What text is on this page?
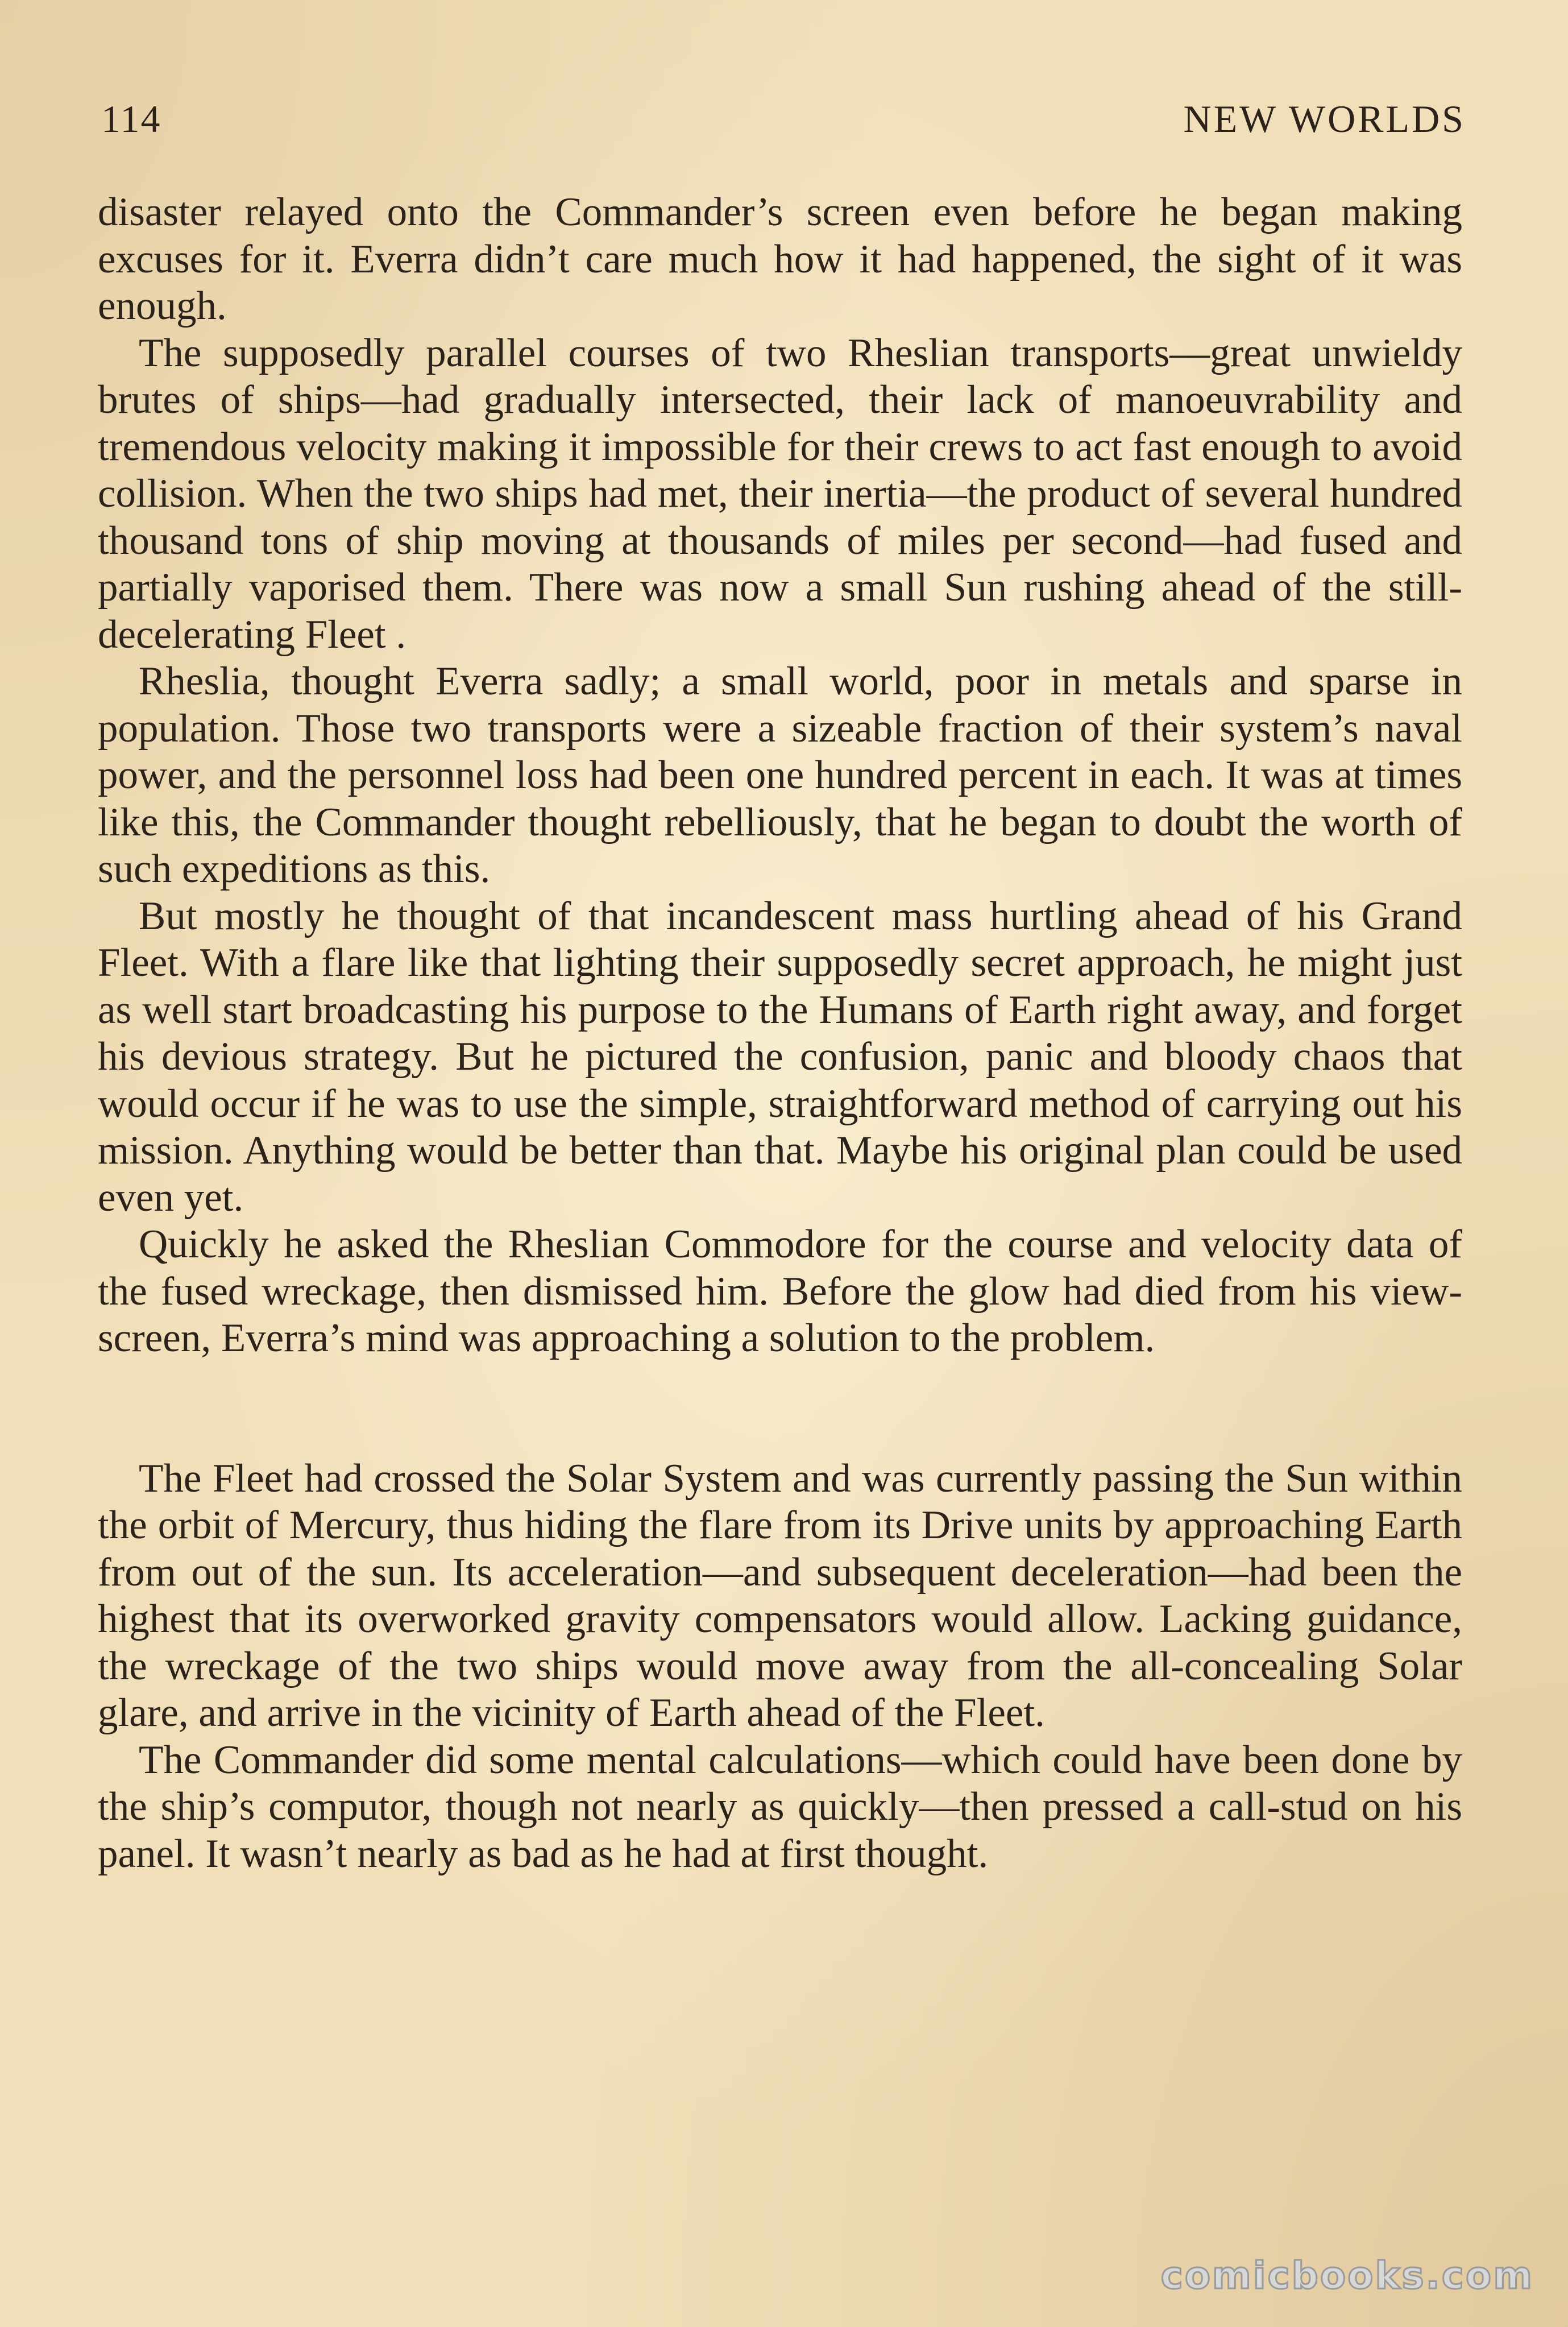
114	NEW WORLDS

disaster relayed onto the Commander’s screen even before he began making excuses for it. Everra didn’t care much how it had happened, the sight of it was enough.

The supposedly parallel courses of two Rheslian transports—great unwieldy brutes of ships—had gradually intersected, their lack of manoeuvrability and tremendous velocity making it impossible for their crews to act fast enough to avoid collision. When the two ships had met, their inertia—the product of several hundred thousand tons of ship moving at thousands of miles per second—had fused and partially vaporised them. There was now a small Sun rushing ahead of the still-decelerating Fleet .

Rheslia, thought Everra sadly; a small world, poor in metals and sparse in population. Those two transports were a sizeable fraction of their system’s naval power, and the personnel loss had been one hundred percent in each. It was at times like this, the Commander thought rebelliously, that he began to doubt the worth of such expeditions as this.

But mostly he thought of that incandescent mass hurtling ahead of his Grand Fleet. With a flare like that lighting their supposedly secret approach, he might just as well start broadcasting his purpose to the Humans of Earth right away, and forget his devious strategy. But he pictured the confusion, panic and bloody chaos that would occur if he was to use the simple, straightforward method of carrying out his mission. Anything would be better than that. Maybe his original plan could be used even yet.

Quickly he asked the Rheslian Commodore for the course and velocity data of the fused wreckage, then dismissed him. Before the glow had died from his view-screen, Everra’s mind was approaching a solution to the problem.

The Fleet had crossed the Solar System and was currently passing the Sun within the orbit of Mercury, thus hiding the flare from its Drive units by approaching Earth from out of the sun. Its acceleration—and subsequent deceleration—had been the highest that its overworked gravity compensators would allow. Lacking guidance, the wreckage of the two ships would move away from the all-concealing Solar glare, and arrive in the vicinity of Earth ahead of the Fleet.

The Commander did some mental calculations—which could have been done by the ship’s computor, though not nearly as quickly—then pressed a call-stud on his panel. It wasn’t nearly as bad as he had at first thought.

comicbooks.com
